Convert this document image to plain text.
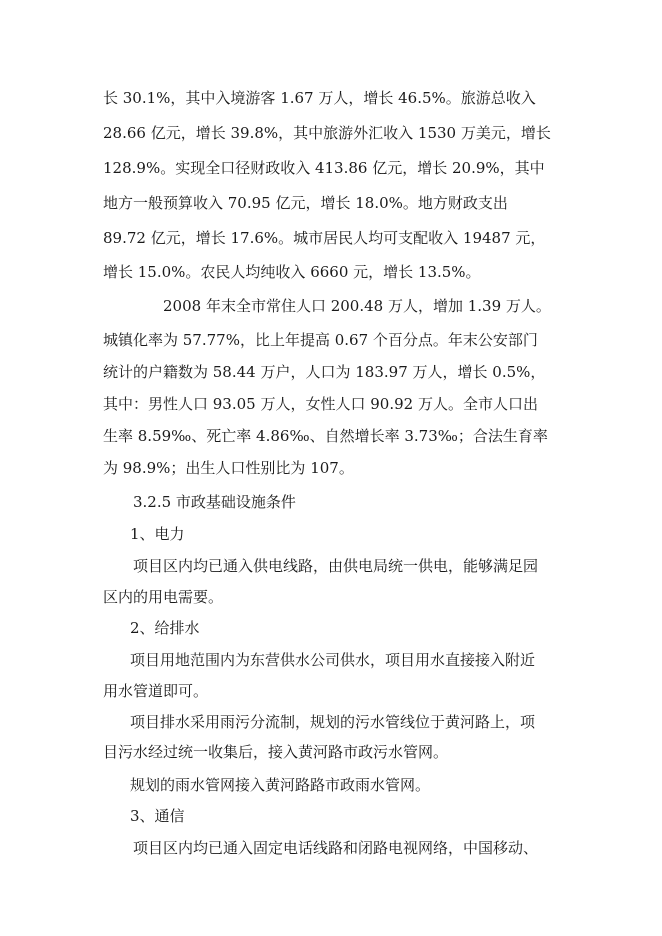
长 30.1%，其中入境游客 1.67 万人，增长 46.5%。旅游总收入
28.66 亿元，增长 39.8%，其中旅游外汇收入 1530 万美元，增长
128.9%。实现全口径财政收入 413.86 亿元，增长 20.9%，其中
地方一般预算收入 70.95 亿元，增长 18.0%。地方财政支出
89.72 亿元，增长 17.6%。城市居民人均可支配收入 19487 元，
增长 15.0%。农民人均纯收入 6660 元，增长 13.5%。
2008 年末全市常住人口 200.48 万人，增加 1.39 万人。
城镇化率为 57.77%，比上年提高 0.67 个百分点。年末公安部门
统计的户籍数为 58.44 万户，人口为 183.97 万人，增长 0.5%，
其中：男性人口 93.05 万人，女性人口 90.92 万人。全市人口出
生率 8.59‰、死亡率 4.86‰、自然增长率 3.73‰；合法生育率
为 98.9%；出生人口性别比为 107。
3.2.5 市政基础设施条件
1、电力
项目区内均已通入供电线路，由供电局统一供电，能够满足园
区内的用电需要。
2、给排水
项目用地范围内为东营供水公司供水，项目用水直接接入附近
用水管道即可。
项目排水采用雨污分流制，规划的污水管线位于黄河路上，项
目污水经过统一收集后，接入黄河路市政污水管网。
规划的雨水管网接入黄河路路市政雨水管网。
3、通信
项目区内均已通入固定电话线路和闭路电视网络，中国移动、
